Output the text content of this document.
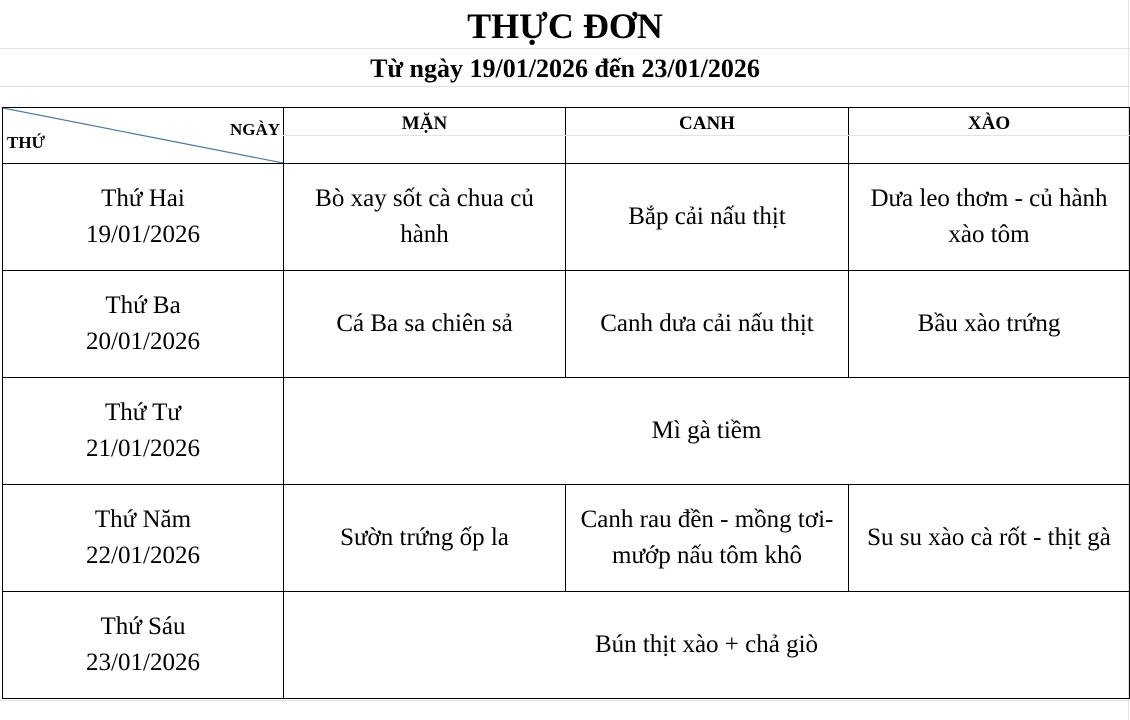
THỰC ĐƠN
Từ ngày 19/01/2026 đến 23/01/2026
NGÀY
THỨ	MẶN	CANH	XÀO

Thứ Hai
19/01/2026	Bò xay sốt cà chua củ hành	Bắp cải nấu thịt	Dưa leo thơm - củ hành xào tôm

Thứ Ba
20/01/2026	Cá Ba sa chiên sả	Canh dưa cải nấu thịt	Bầu xào trứng

Thứ Tư
21/01/2026	Mì gà tiềm		

Thứ Năm
22/01/2026	Sườn trứng ốp la	Canh rau đền - mồng tơi- mướp nấu tôm khô	Su su xào cà rốt - thịt gà

Thứ Sáu
23/01/2026	Bún thịt xào + chả giò		
